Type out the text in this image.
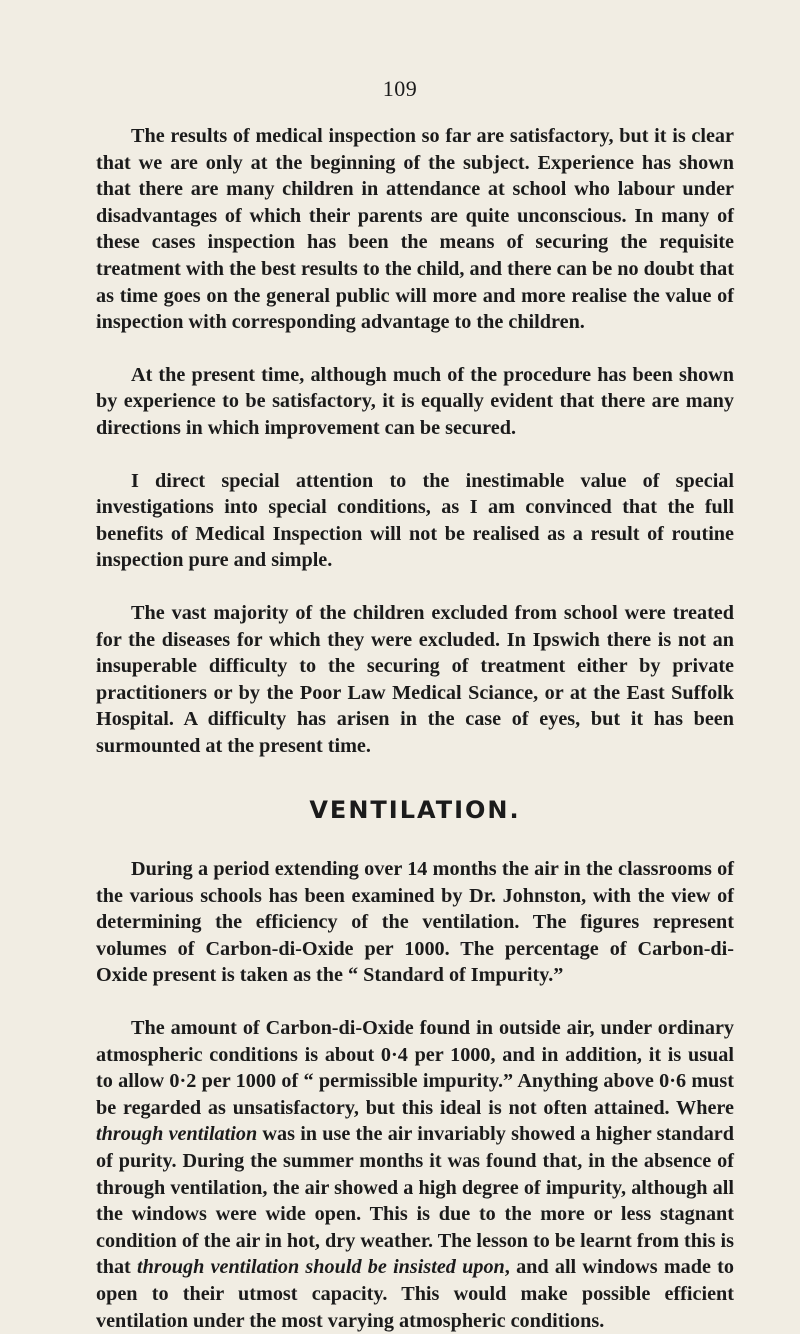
109

The results of medical inspection so far are satisfactory, but it is clear that we are only at the beginning of the subject. Experience has shown that there are many children in attendance at school who labour under disadvantages of which their parents are quite unconscious. In many of these cases inspection has been the means of securing the requisite treatment with the best results to the child, and there can be no doubt that as time goes on the general public will more and more realise the value of inspection with corresponding advantage to the children.

At the present time, although much of the procedure has been shown by experience to be satisfactory, it is equally evident that there are many directions in which improvement can be secured.

I direct special attention to the inestimable value of special investigations into special conditions, as I am convinced that the full benefits of Medical Inspection will not be realised as a result of routine inspection pure and simple.

The vast majority of the children excluded from school were treated for the diseases for which they were excluded. In Ipswich there is not an insuperable difficulty to the securing of treatment either by private practitioners or by the Poor Law Medical Sciance, or at the East Suffolk Hospital. A difficulty has arisen in the case of eyes, but it has been surmounted at the present time.

VENTILATION.

During a period extending over 14 months the air in the classrooms of the various schools has been examined by Dr. Johnston, with the view of determining the efficiency of the ventilation. The figures represent volumes of Carbon-di-Oxide per 1000. The percentage of Carbon-di-Oxide present is taken as the “ Standard of Impurity.”

The amount of Carbon-di-Oxide found in outside air, under ordinary atmospheric conditions is about 0·4 per 1000, and in addition, it is usual to allow 0·2 per 1000 of “ permissible impurity.” Anything above 0·6 must be regarded as unsatisfactory, but this ideal is not often attained. Where through ventilation was in use the air invariably showed a higher standard of purity. During the summer months it was found that, in the absence of through ventilation, the air showed a high degree of impurity, although all the windows were wide open. This is due to the more or less stagnant condition of the air in hot, dry weather. The lesson to be learnt from this is that through ventilation should be insisted upon, and all windows made to open to their utmost capacity. This would make possible efficient ventilation under the most varying atmospheric conditions.
